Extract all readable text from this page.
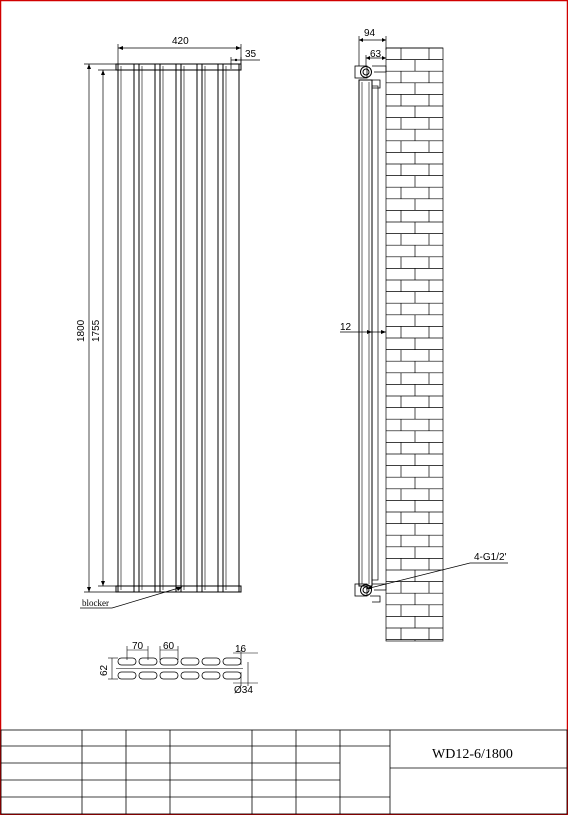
420
35
1800 1755
blocker
94
63
12
4-G1/2'
70 60	16
62
Ø34
WD12-6/1800
